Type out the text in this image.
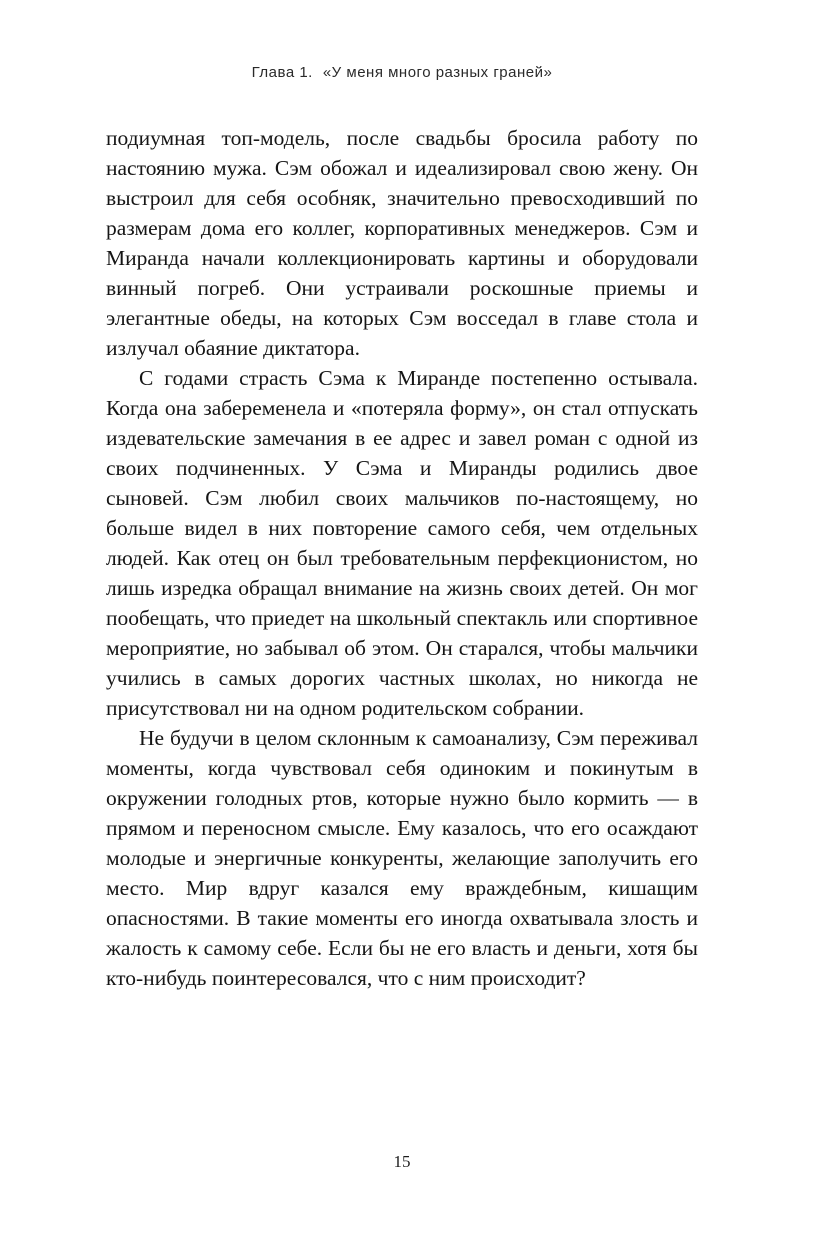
Глава 1. «У меня много разных граней»

подиумная топ-модель, после свадьбы бросила работу по настоянию мужа. Сэм обожал и идеализировал свою жену. Он выстроил для себя особняк, значительно превосходивший по размерам дома его коллег, корпоративных менеджеров. Сэм и Миранда начали коллекционировать картины и оборудовали винный погреб. Они устраивали роскошные приемы и элегантные обеды, на которых Сэм восседал в главе стола и излучал обаяние диктатора.

С годами страсть Сэма к Миранде постепенно остывала. Когда она забеременела и «потеряла форму», он стал отпускать издевательские замечания в ее адрес и завел роман с одной из своих подчиненных. У Сэма и Миранды родились двое сыновей. Сэм любил своих мальчиков по-настоящему, но больше видел в них повторение самого себя, чем отдельных людей. Как отец он был требовательным перфекционистом, но лишь изредка обращал внимание на жизнь своих детей. Он мог пообещать, что приедет на школьный спектакль или спортивное мероприятие, но забывал об этом. Он старался, чтобы мальчики учились в самых дорогих частных школах, но никогда не присутствовал ни на одном родительском собрании.

Не будучи в целом склонным к самоанализу, Сэм переживал моменты, когда чувствовал себя одиноким и покинутым в окружении голодных ртов, которые нужно было кормить — в прямом и переносном смысле. Ему казалось, что его осаждают молодые и энергичные конкуренты, желающие заполучить его место. Мир вдруг казался ему враждебным, кишащим опасностями. В такие моменты его иногда охватывала злость и жалость к самому себе. Если бы не его власть и деньги, хотя бы кто-нибудь поинтересовался, что с ним происходит?

15
